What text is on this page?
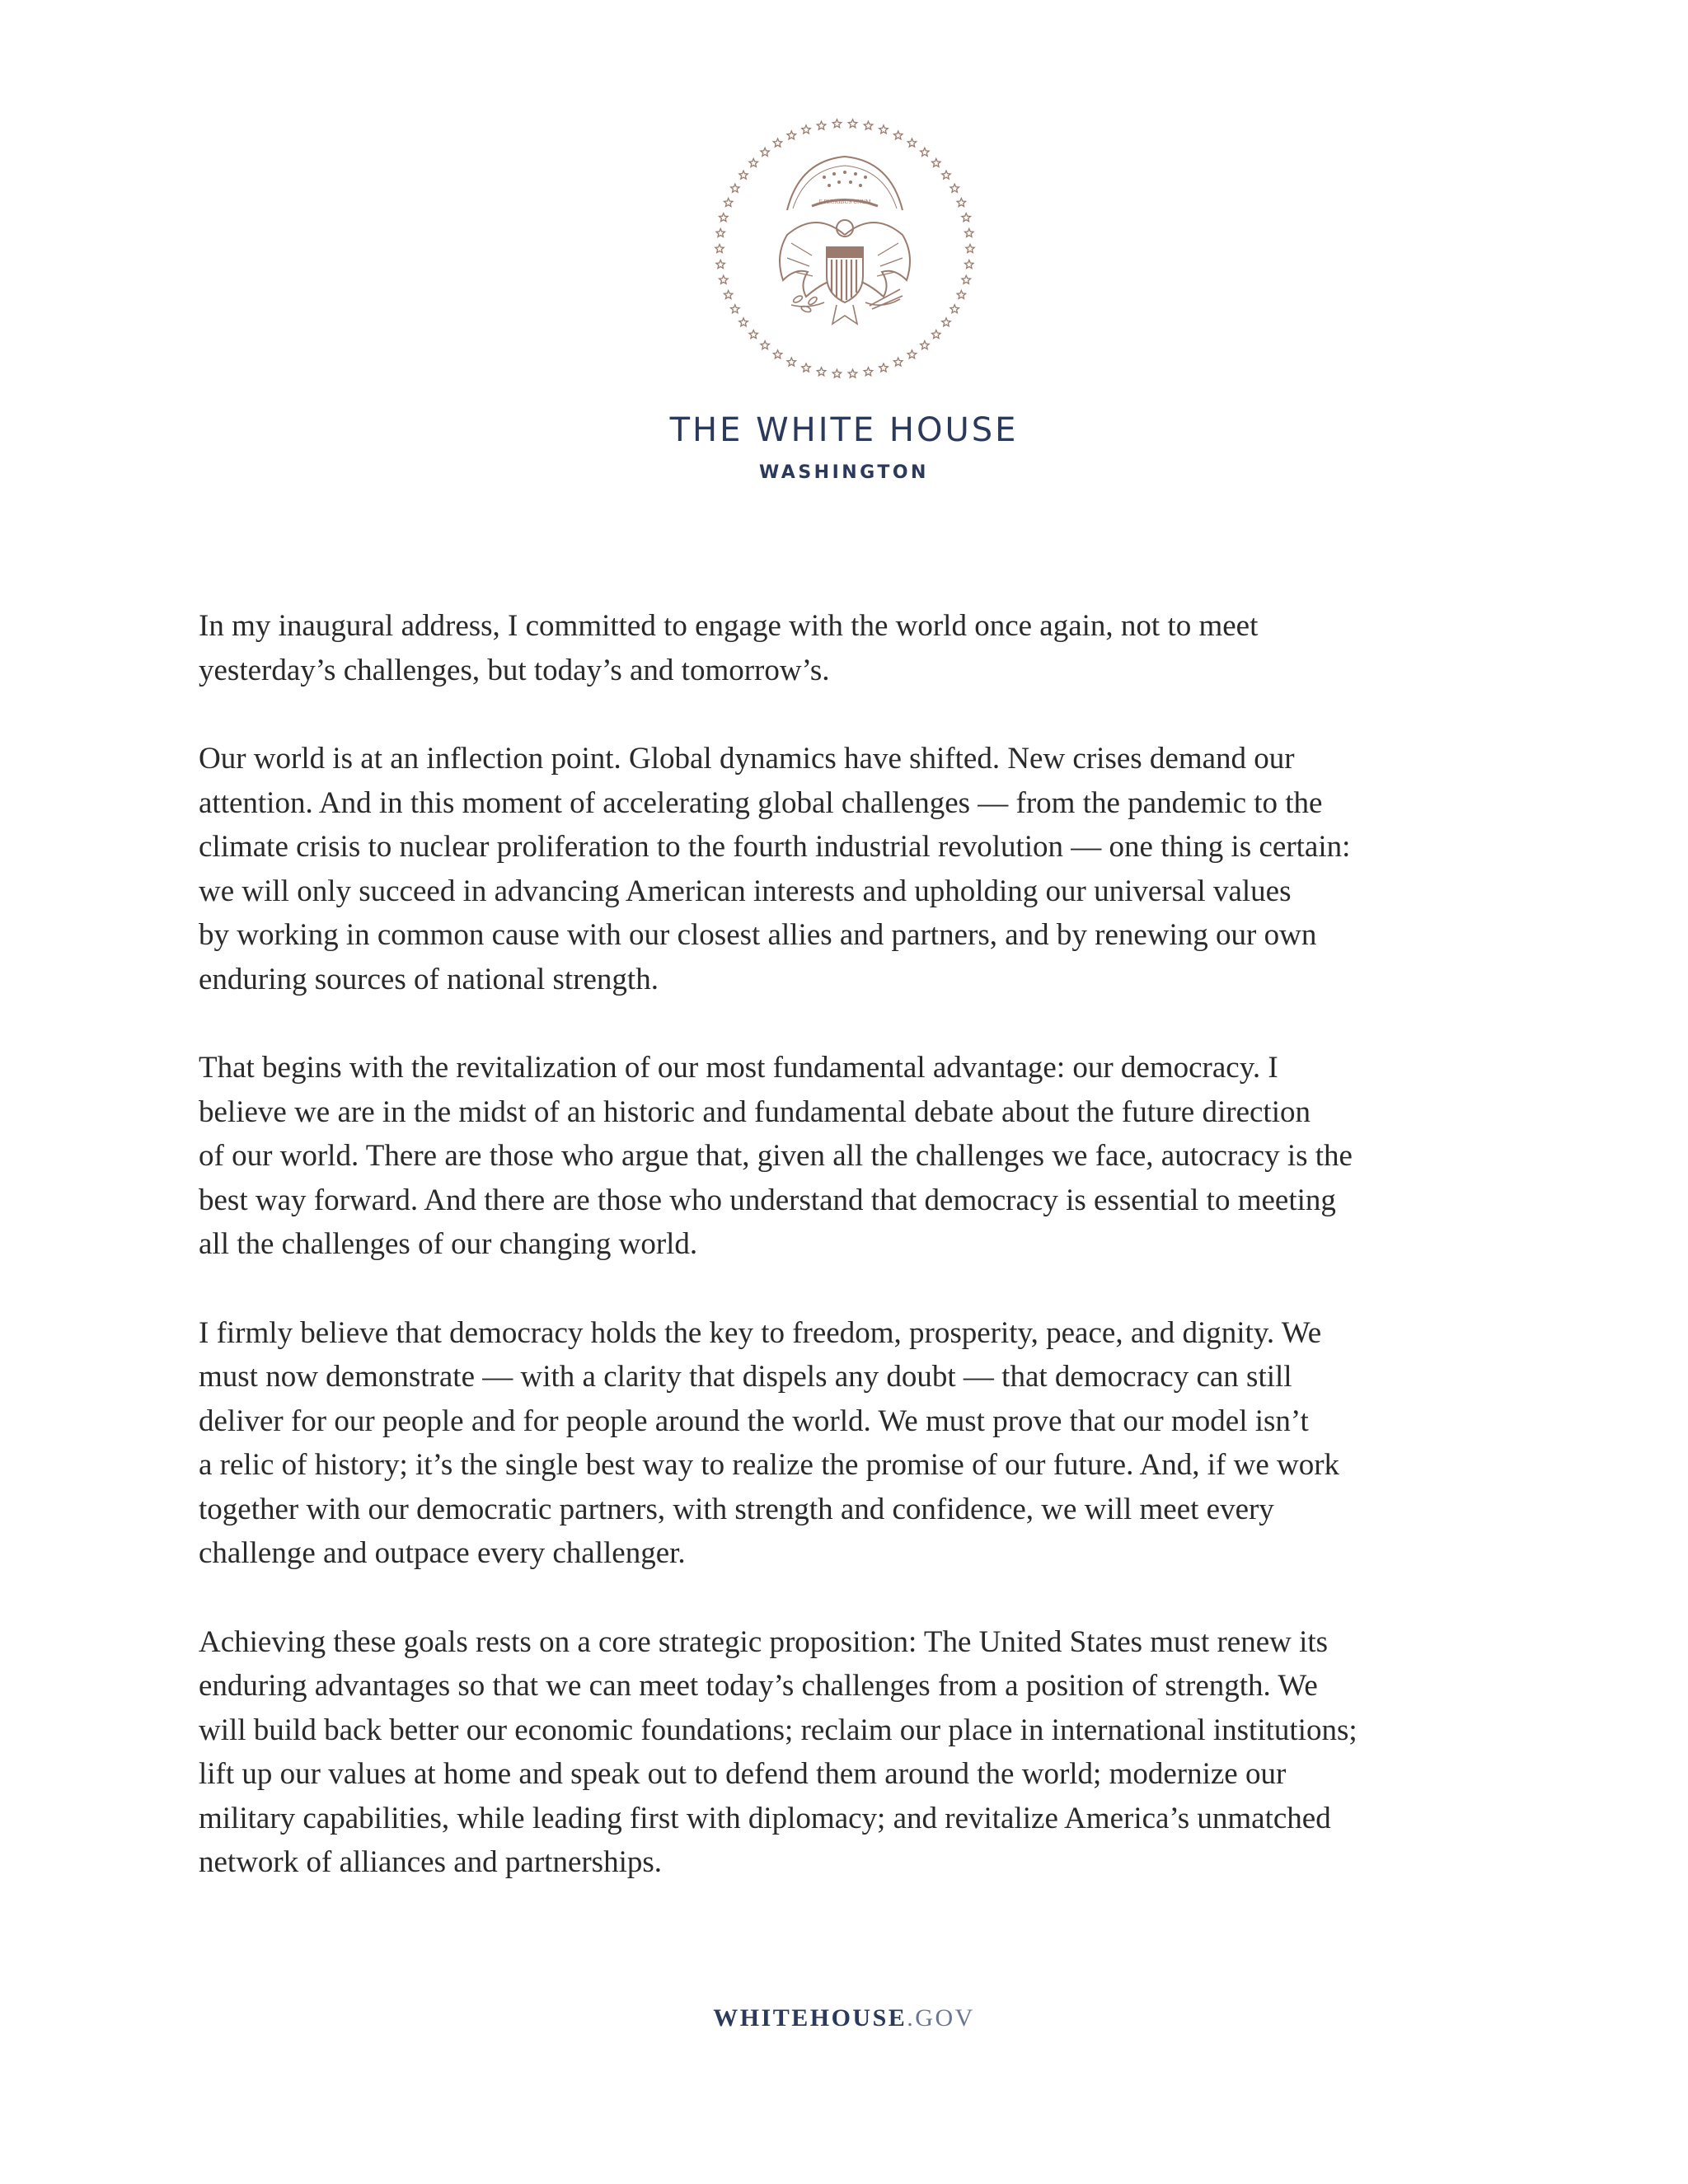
E PLURIBUS UNUM
THE WHITE HOUSE
WASHINGTON

In my inaugural address, I committed to engage with the world once again, not to meet
yesterday’s challenges, but today’s and tomorrow’s.

Our world is at an inflection point. Global dynamics have shifted. New crises demand our
attention. And in this moment of accelerating global challenges — from the pandemic to the
climate crisis to nuclear proliferation to the fourth industrial revolution — one thing is certain:
we will only succeed in advancing American interests and upholding our universal values
by working in common cause with our closest allies and partners, and by renewing our own
enduring sources of national strength.

That begins with the revitalization of our most fundamental advantage: our democracy. I
believe we are in the midst of an historic and fundamental debate about the future direction
of our world. There are those who argue that, given all the challenges we face, autocracy is the
best way forward. And there are those who understand that democracy is essential to meeting
all the challenges of our changing world.

I firmly believe that democracy holds the key to freedom, prosperity, peace, and dignity. We
must now demonstrate — with a clarity that dispels any doubt — that democracy can still
deliver for our people and for people around the world. We must prove that our model isn’t
a relic of history; it’s the single best way to realize the promise of our future. And, if we work
together with our democratic partners, with strength and confidence, we will meet every
challenge and outpace every challenger.

Achieving these goals rests on a core strategic proposition: The United States must renew its
enduring advantages so that we can meet today’s challenges from a position of strength. We
will build back better our economic foundations; reclaim our place in international institutions;
lift up our values at home and speak out to defend them around the world; modernize our
military capabilities, while leading first with diplomacy; and revitalize America’s unmatched
network of alliances and partnerships.

WHITEHOUSE.GOV
